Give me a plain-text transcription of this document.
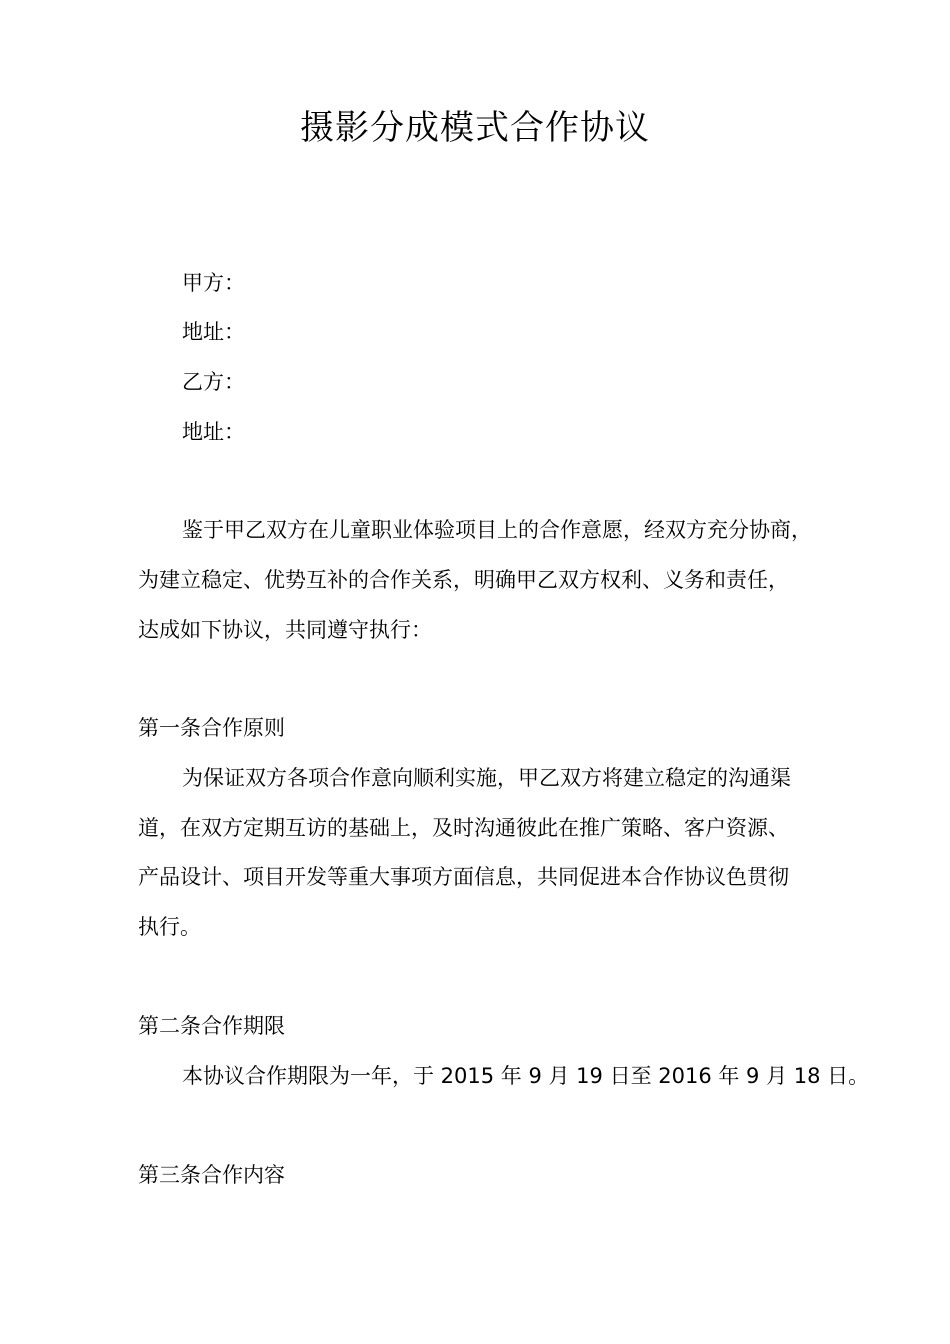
摄影分成模式合作协议
甲方：
地址：
乙方：
地址：
鉴于甲乙双方在儿童职业体验项目上的合作意愿，经双方充分协商，
为建立稳定、优势互补的合作关系，明确甲乙双方权利、义务和责任，
达成如下协议，共同遵守执行：
第一条合作原则
为保证双方各项合作意向顺利实施，甲乙双方将建立稳定的沟通渠
道，在双方定期互访的基础上，及时沟通彼此在推广策略、客户资源、
产品设计、项目开发等重大事项方面信息，共同促进本合作协议色贯彻
执行。
第二条合作期限
本协议合作期限为一年，于 2015 年 9 月 19 日至 2016 年 9 月 18 日。
第三条合作内容
